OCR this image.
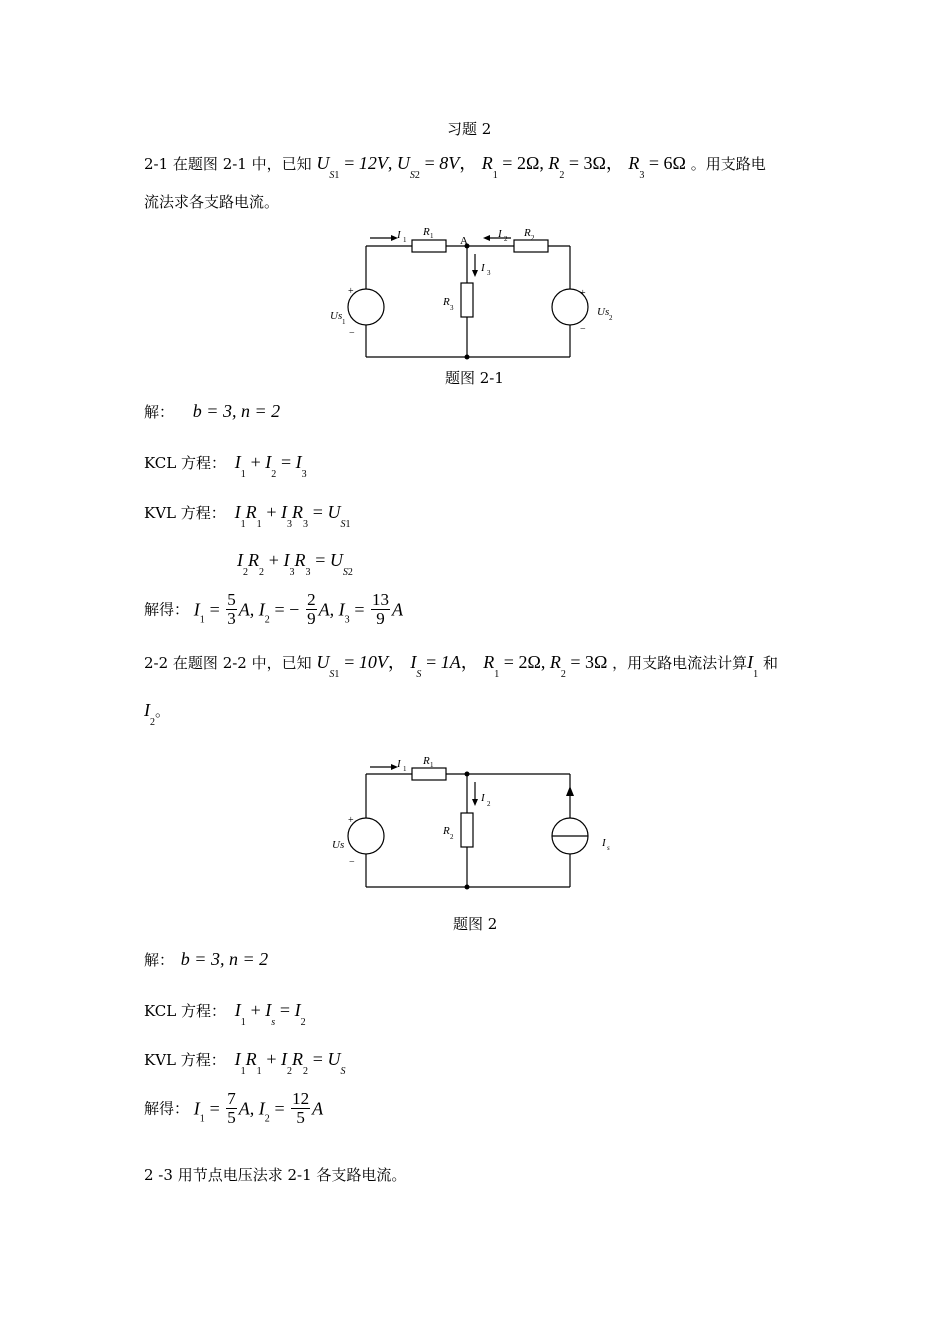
习题 2
2-1 在题图 2-1 中，已知 $U_{S1} = 12V$, $U_{S2} = 8V$， $R_1 = 2\Omega$, $R_2 = 3\Omega$， $R_3 = 6\Omega$ 。用支路电
流法求各支路电流。
I 1
R 1 A
I 2 R 2
I 3
R 3
Us 1
Us 2
+
−
+
−
题图 2-1
解： b = 3, n = 2
KCL 方程： $I_1 + I_2 = I_3$
KVL 方程： $I_1R_1 + I_3R_3 = U_{S1}$
$I_2R_2 + I_3R_3 = U_{S2}$
解得： $I_1 = \frac{5}{3} A$, $I_2$ = − $\frac{2}{9} A$, $I_3 = \frac{13}{9}$ A
2-2 在题图 2-2 中，已知 $U_{S1} = 10V$， $I_S = 1A$， $R_1 = 2\Omega$, $R_2 = 3\Omega$ ，用支路电流法计算$I_1$ 和
$I_2$。
I 1
R 1
I 2
R 2
Us	I s
+
−
题图 2
解： b = 3, n = 2
KCL 方程： $I_1 + I_s = I_2$
KVL 方程： $I_1R_1 + I_2R_2 = U_S$
解得： $I_1 = \frac{7}{5} A$, $I_2 = \frac{12}{5}$ A
2 -3 用节点电压法求 2-1 各支路电流。
